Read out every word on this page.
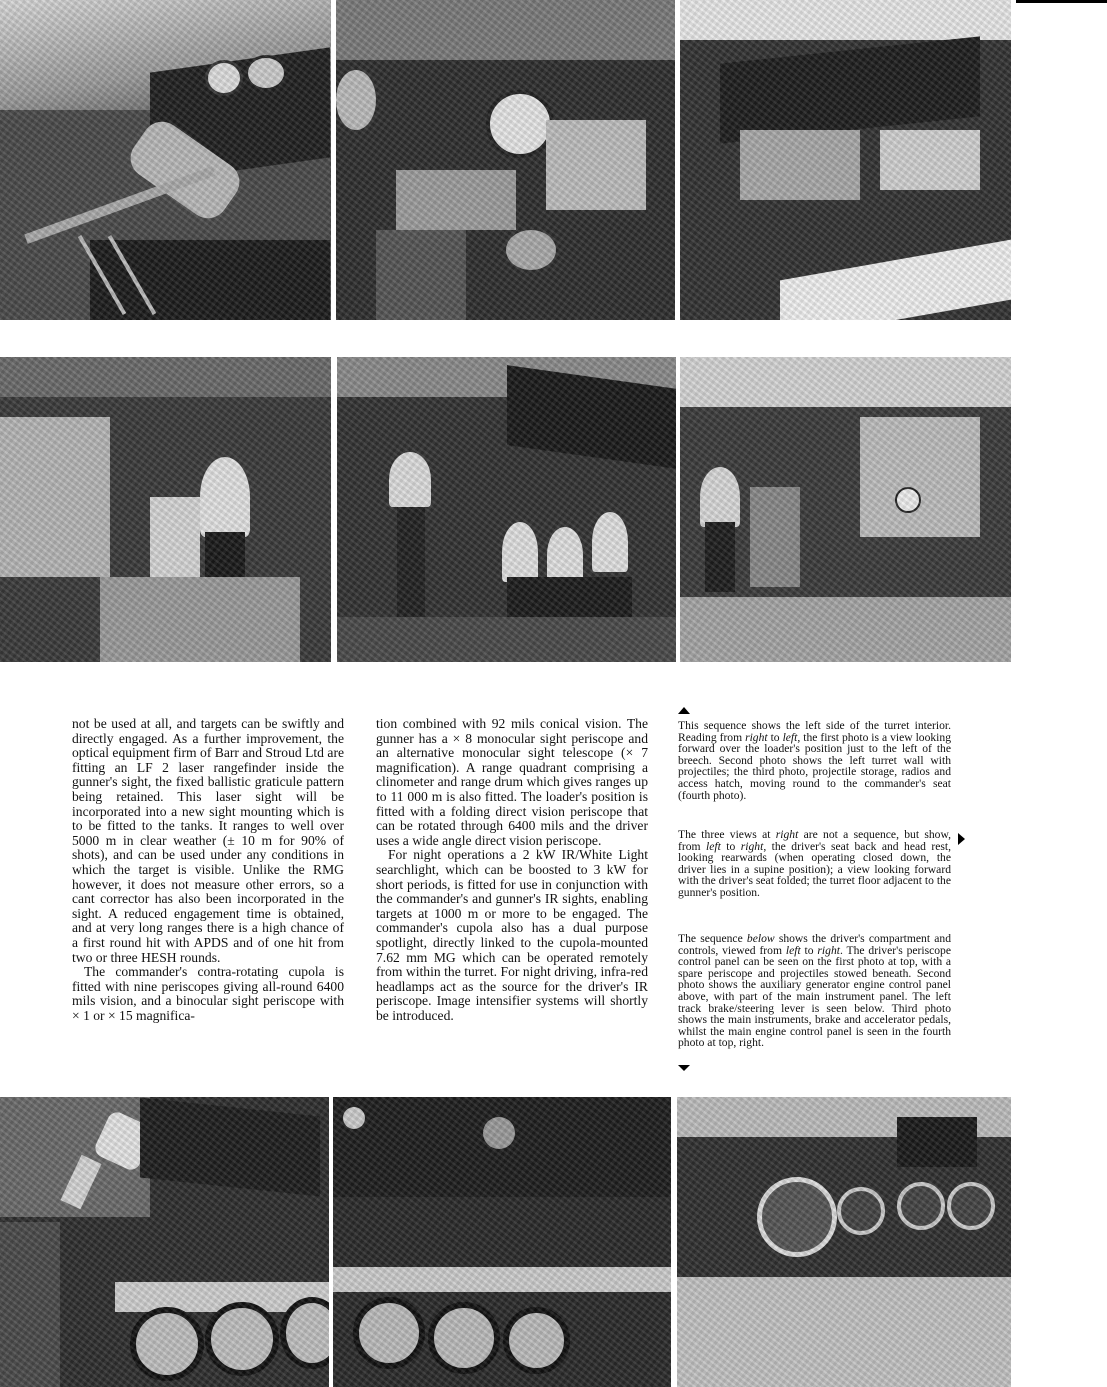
not be used at all, and targets can be swiftly and directly engaged. As a further improvement, the optical equipment firm of Barr and Stroud Ltd are fitting an LF 2 laser rangefinder inside the gunner's sight, the fixed ballistic graticule pattern being retained. This laser sight will be incorporated into a new sight mounting which is to be fitted to the tanks. It ranges to well over 5000 m in clear weather (± 10 m for 90% of shots), and can be used under any conditions in which the target is visible. Unlike the RMG however, it does not measure other errors, so a cant corrector has also been incorporated in the sight. A reduced engagement time is obtained, and at very long ranges there is a high chance of a first round hit with APDS and of one hit from two or three HESH rounds.

The commander's contra-rotating cupola is fitted with nine periscopes giving all-round 6400 mils vision, and a binocular sight periscope with × 1 or × 15 magnifica-

tion combined with 92 mils conical vision. The gunner has a × 8 monocular sight periscope and an alternative monocular sight telescope (× 7 magnification). A range quadrant comprising a clinometer and range drum which gives ranges up to 11 000 m is also fitted. The loader's position is fitted with a folding direct vision periscope that can be rotated through 6400 mils and the driver uses a wide angle direct vision periscope.

For night operations a 2 kW IR/White Light searchlight, which can be boosted to 3 kW for short periods, is fitted for use in conjunction with the commander's and gunner's IR sights, enabling targets at 1000 m or more to be engaged. The commander's cupola also has a dual purpose spotlight, directly linked to the cupola-mounted 7.62 mm MG which can be operated remotely from within the turret. For night driving, infra-red headlamps act as the source for the driver's IR periscope. Image intensifier systems will shortly be introduced.

This sequence shows the left side of the turret interior. Reading from right to left, the first photo is a view looking forward over the loader's position just to the left of the breech. Second photo shows the left turret wall with projectiles; the third photo, projectile storage, radios and access hatch, moving round to the commander's seat (fourth photo).

The three views at right are not a sequence, but show, from left to right, the driver's seat back and head rest, looking rearwards (when operating closed down, the driver lies in a supine position); a view looking forward with the driver's seat folded; the turret floor adjacent to the gunner's position.

The sequence below shows the driver's compartment and controls, viewed from left to right. The driver's periscope control panel can be seen on the first photo at top, with a spare periscope and projectiles stowed beneath. Second photo shows the auxiliary generator engine control panel above, with part of the main instrument panel. The left track brake/steering lever is seen below. Third photo shows the main instruments, brake and accelerator pedals, whilst the main engine control panel is seen in the fourth photo at top, right.
